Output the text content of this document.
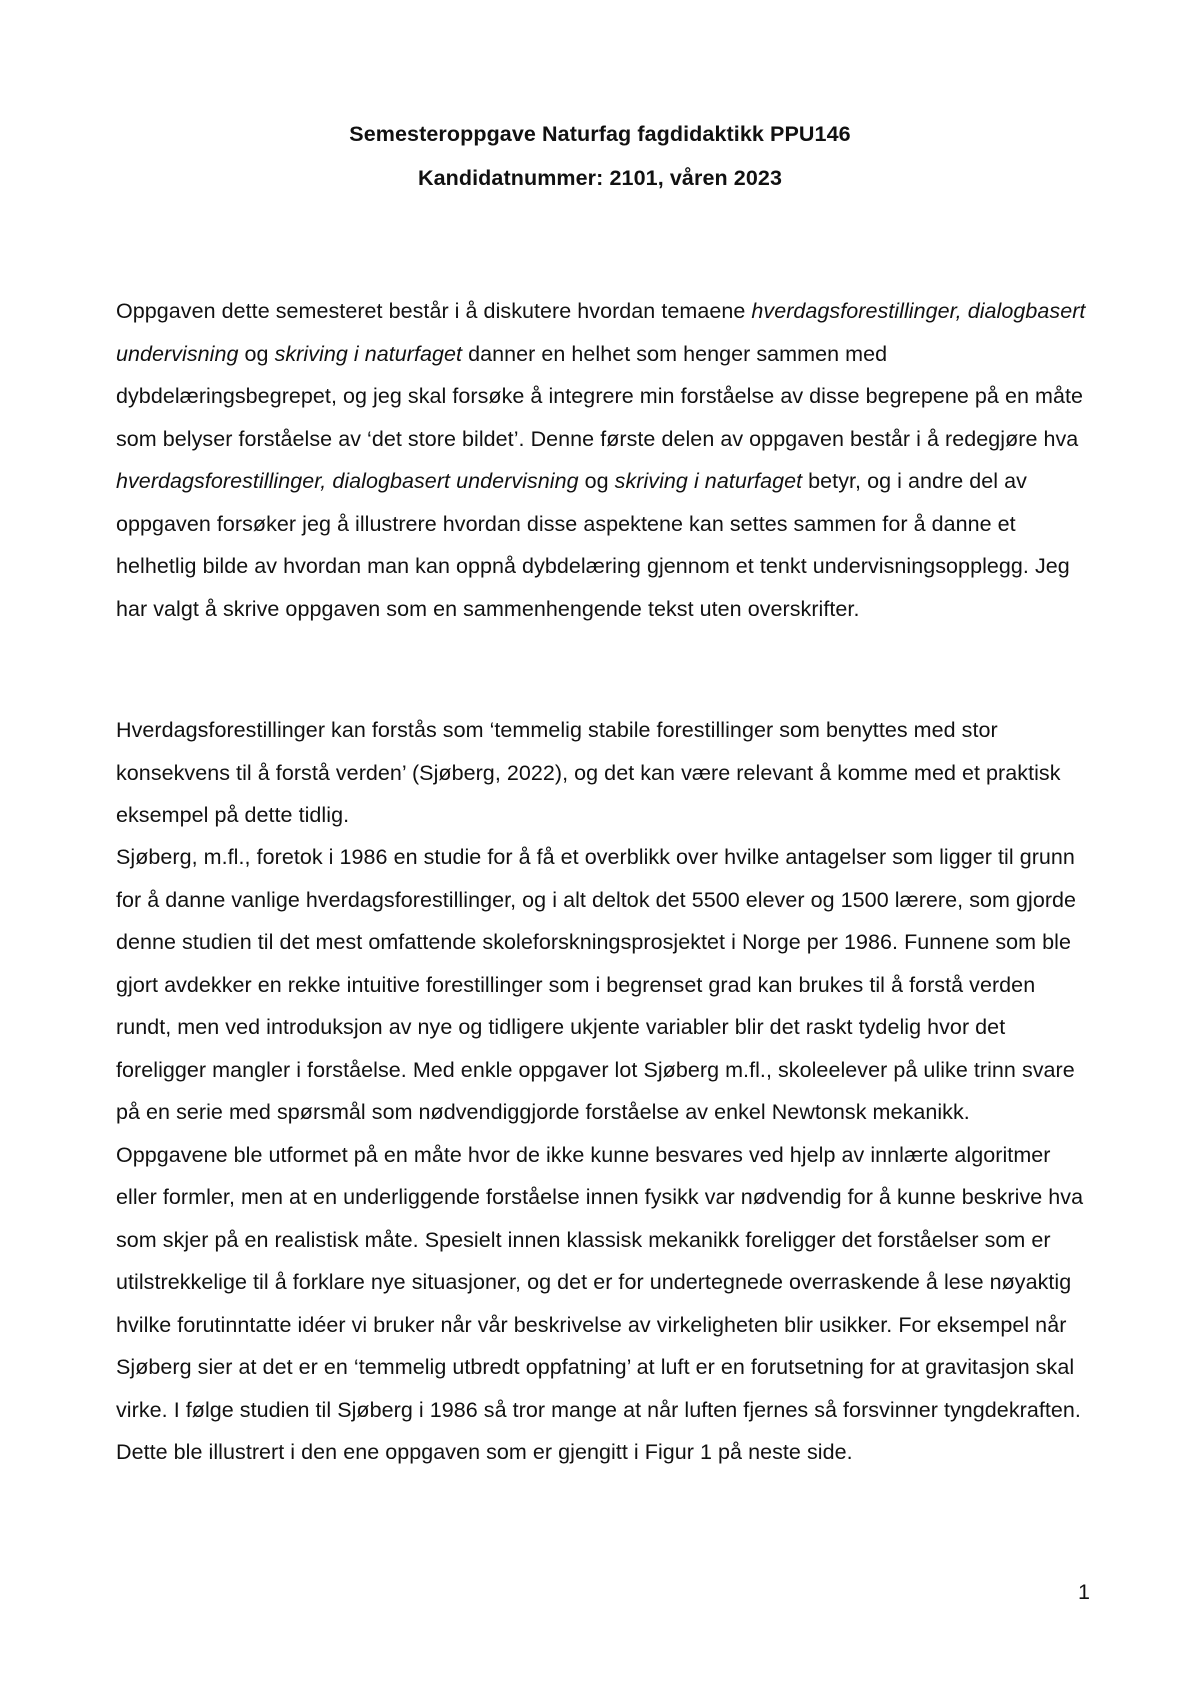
Semesteroppgave Naturfag fagdidaktikk PPU146

Kandidatnummer: 2101, våren 2023

Oppgaven dette semesteret består i å diskutere hvordan temaene hverdagsforestillinger, dialogbasert undervisning og skriving i naturfaget danner en helhet som henger sammen med dybdelæringsbegrepet, og jeg skal forsøke å integrere min forståelse av disse begrepene på en måte som belyser forståelse av ‘det store bildet’. Denne første delen av oppgaven består i å redegjøre hva hverdagsforestillinger, dialogbasert undervisning og skriving i naturfaget betyr, og i andre del av oppgaven forsøker jeg å illustrere hvordan disse aspektene kan settes sammen for å danne et helhetlig bilde av hvordan man kan oppnå dybdelæring gjennom et tenkt undervisningsopplegg. Jeg har valgt å skrive oppgaven som en sammenhengende tekst uten overskrifter.

Hverdagsforestillinger kan forstås som ‘temmelig stabile forestillinger som benyttes med stor konsekvens til å forstå verden’ (Sjøberg, 2022), og det kan være relevant å komme med et praktisk eksempel på dette tidlig.

Sjøberg, m.fl., foretok i 1986 en studie for å få et overblikk over hvilke antagelser som ligger til grunn for å danne vanlige hverdagsforestillinger, og i alt deltok det 5500 elever og 1500 lærere, som gjorde denne studien til det mest omfattende skoleforskningsprosjektet i Norge per 1986. Funnene som ble gjort avdekker en rekke intuitive forestillinger som i begrenset grad kan brukes til å forstå verden rundt, men ved introduksjon av nye og tidligere ukjente variabler blir det raskt tydelig hvor det foreligger mangler i forståelse. Med enkle oppgaver lot Sjøberg m.fl., skoleelever på ulike trinn svare på en serie med spørsmål som nødvendiggjorde forståelse av enkel Newtonsk mekanikk. Oppgavene ble utformet på en måte hvor de ikke kunne besvares ved hjelp av innlærte algoritmer eller formler, men at en underliggende forståelse innen fysikk var nødvendig for å kunne beskrive hva som skjer på en realistisk måte. Spesielt innen klassisk mekanikk foreligger det forståelser som er utilstrekkelige til å forklare nye situasjoner, og det er for undertegnede overraskende å lese nøyaktig hvilke forutinntatte idéer vi bruker når vår beskrivelse av virkeligheten blir usikker. For eksempel når Sjøberg sier at det er en ‘temmelig utbredt oppfatning’ at luft er en forutsetning for at gravitasjon skal virke. I følge studien til Sjøberg i 1986 så tror mange at når luften fjernes så forsvinner tyngdekraften. Dette ble illustrert i den ene oppgaven som er gjengitt i Figur 1 på neste side.

1
